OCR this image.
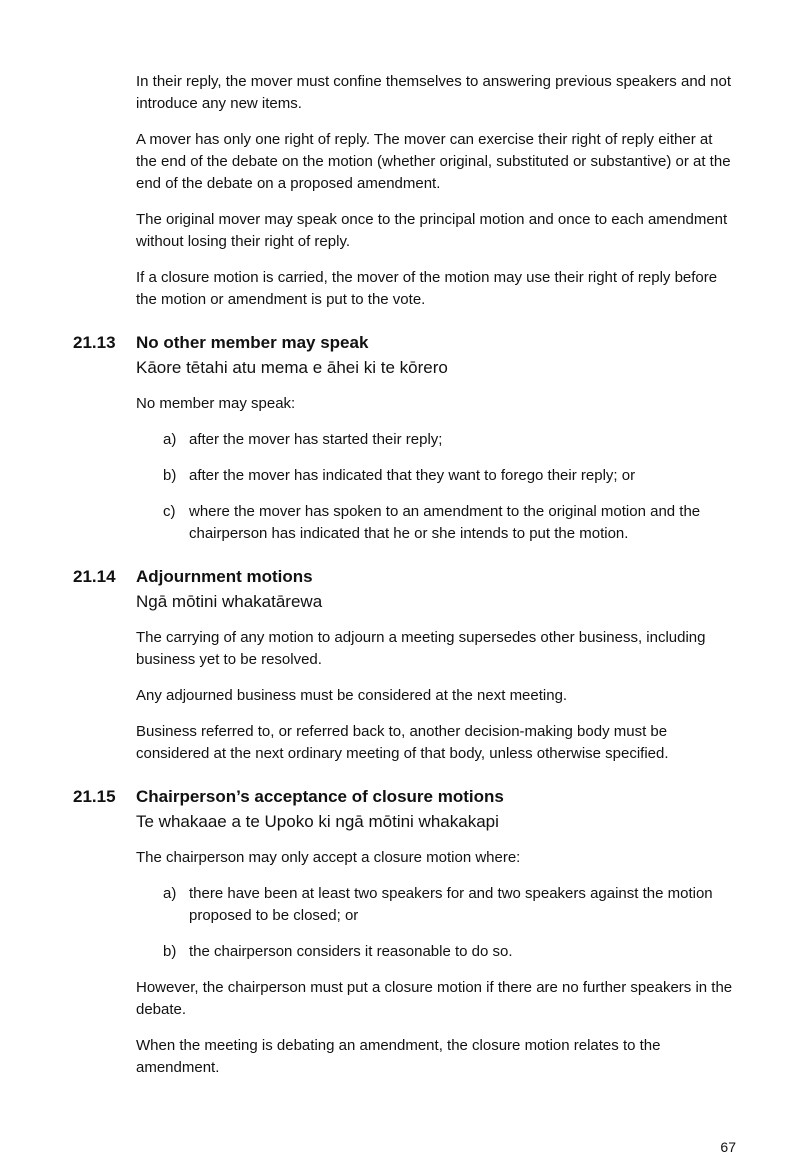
In their reply, the mover must confine themselves to answering previous speakers and not introduce any new items.

A mover has only one right of reply. The mover can exercise their right of reply either at the end of the debate on the motion (whether original, substituted or substantive) or at the end of the debate on a proposed amendment.

The original mover may speak once to the principal motion and once to each amendment without losing their right of reply.

If a closure motion is carried, the mover of the motion may use their right of reply before the motion or amendment is put to the vote.

21.13 No other member may speak
Kāore tētahi atu mema e āhei ki te kōrero

No member may speak:

a) after the mover has started their reply;
b) after the mover has indicated that they want to forego their reply; or
c) where the mover has spoken to an amendment to the original motion and the chairperson has indicated that he or she intends to put the motion.
21.14 Adjournment motions
Ngā mōtini whakatārewa

The carrying of any motion to adjourn a meeting supersedes other business, including business yet to be resolved.

Any adjourned business must be considered at the next meeting.

Business referred to, or referred back to, another decision-making body must be considered at the next ordinary meeting of that body, unless otherwise specified.

21.15 Chairperson’s acceptance of closure motions
Te whakaae a te Upoko ki ngā mōtini whakakapi

The chairperson may only accept a closure motion where:

a) there have been at least two speakers for and two speakers against the motion proposed to be closed; or
b) the chairperson considers it reasonable to do so.

However, the chairperson must put a closure motion if there are no further speakers in the debate.

When the meeting is debating an amendment, the closure motion relates to the amendment.

67
